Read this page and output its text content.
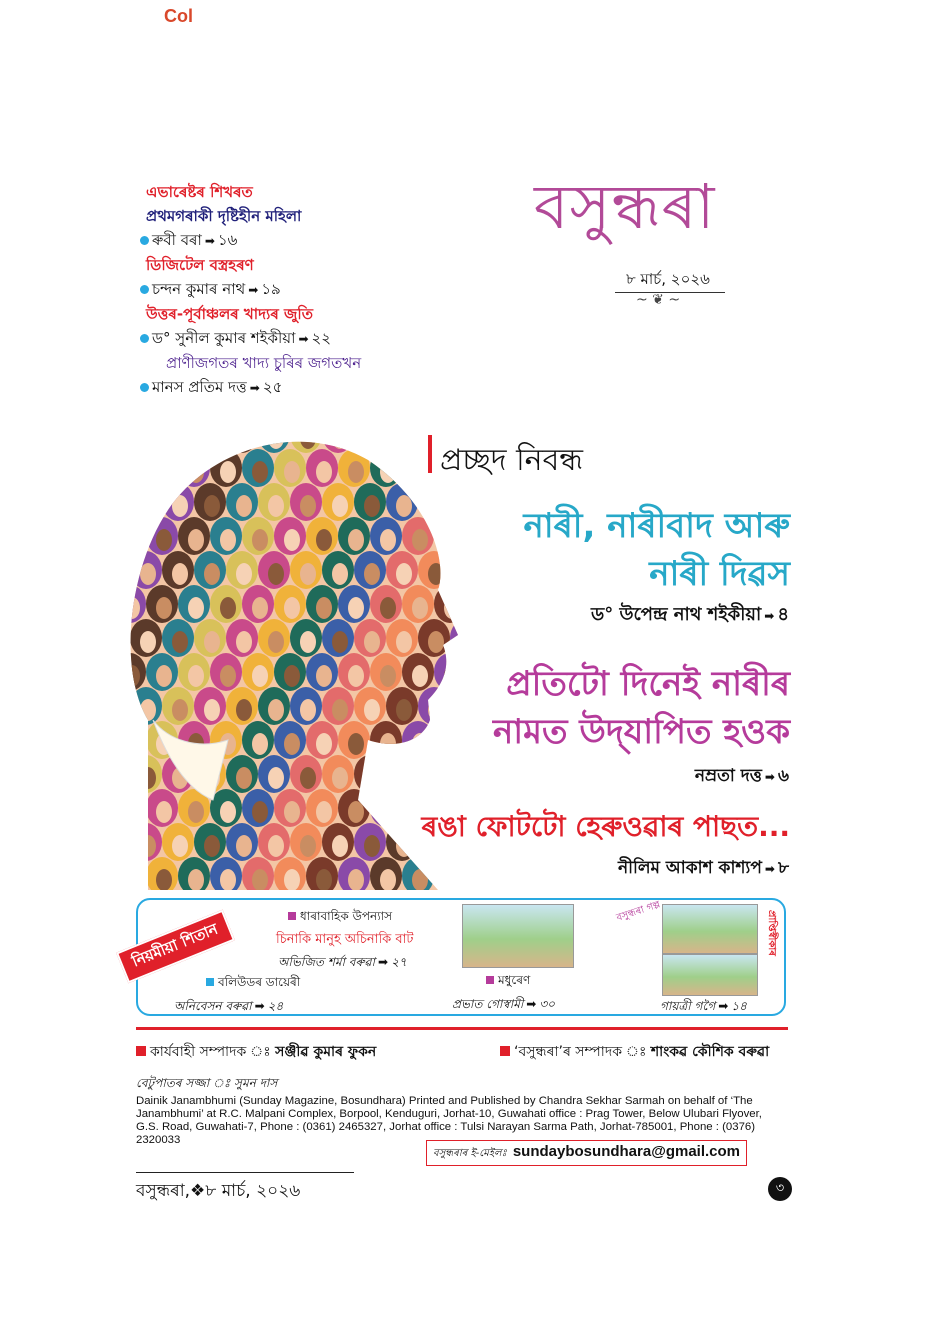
Col
এভাৰেষ্টৰ শিখৰত
প্ৰথমগৰাকী দৃষ্টিহীন মহিলা
ৰুবী বৰা ➡ ১৬
ডিজিটেল বস্ত্ৰহৰণ
চন্দন কুমাৰ নাথ ➡ ১৯
উত্তৰ-পূৰ্বাঞ্চলৰ খাদ্যৰ জুতি
ড° সুনীল কুমাৰ শইকীয়া ➡ ২২
প্ৰাণীজগতৰ খাদ্য চুৰিৰ জগতখন
মানস প্ৰতিম দত্ত ➡ ২৫
বসুন্ধৰা
৮ মাৰ্চ, ২০২৬
~ ❦ ~
প্ৰচ্ছদ নিবন্ধ
নাৰী, নাৰীবাদ আৰু
নাৰী দিৱস
ড° উপেন্দ্ৰ নাথ শইকীয়া ➡ ৪
প্ৰতিটো দিনেই নাৰীৰ
নামত উদ্‌যাপিত হওক
নম্ৰতা দত্ত ➡ ৬
ৰঙা ফোটটো হেৰুওৱাৰ পাছত...
নীলিম আকাশ কাশ্যপ ➡ ৮
নিয়মীয়া শিতান
ধাৰাবাহিক উপন্যাস
চিনাকি মানুহ অচিনাকি বাট
অভিজিত শৰ্মা বৰুৱা ➡ ২৭
বলিউডৰ ডায়েৰী
অনিবেসন বৰুৱা ➡ ২৪
মধুৰেণ
প্ৰভাত গোস্বামী ➡ ৩০
বসুন্ধৰা গল্প	প্ৰাপ্তিস্বীকাৰ
গায়ত্ৰী গগৈ ➡ ১৪
কাৰ্যবাহী সম্পাদক ঃ সঞ্জীৱ কুমাৰ ফুকন	‘বসুন্ধৰা’ৰ সম্পাদক ঃ শাংকৱ কৌশিক বৰুৱা
বেটুপাতৰ সজ্জা ঃ সুমন দাস
Dainik Janambhumi (Sunday Magazine, Bosundhara) Printed and Published by Chandra Sekhar Sarmah on behalf of ‘The Janambhumi’ at R.C. Malpani Complex, Borpool, Kenduguri, Jorhat-10, Guwahati office : Prag Tower, Below Ulubari Flyover, G.S. Road, Guwahati-7, Phone : (0361) 2465327, Jorhat office : Tulsi Narayan Sarma Path, Jorhat-785001, Phone : (0376) 2320033
বসুন্ধৰাৰ ই-মেইলঃ sundaybosundhara@gmail.com
বসুন্ধৰা,❖৮ মাৰ্চ, ২০২৬	৩
